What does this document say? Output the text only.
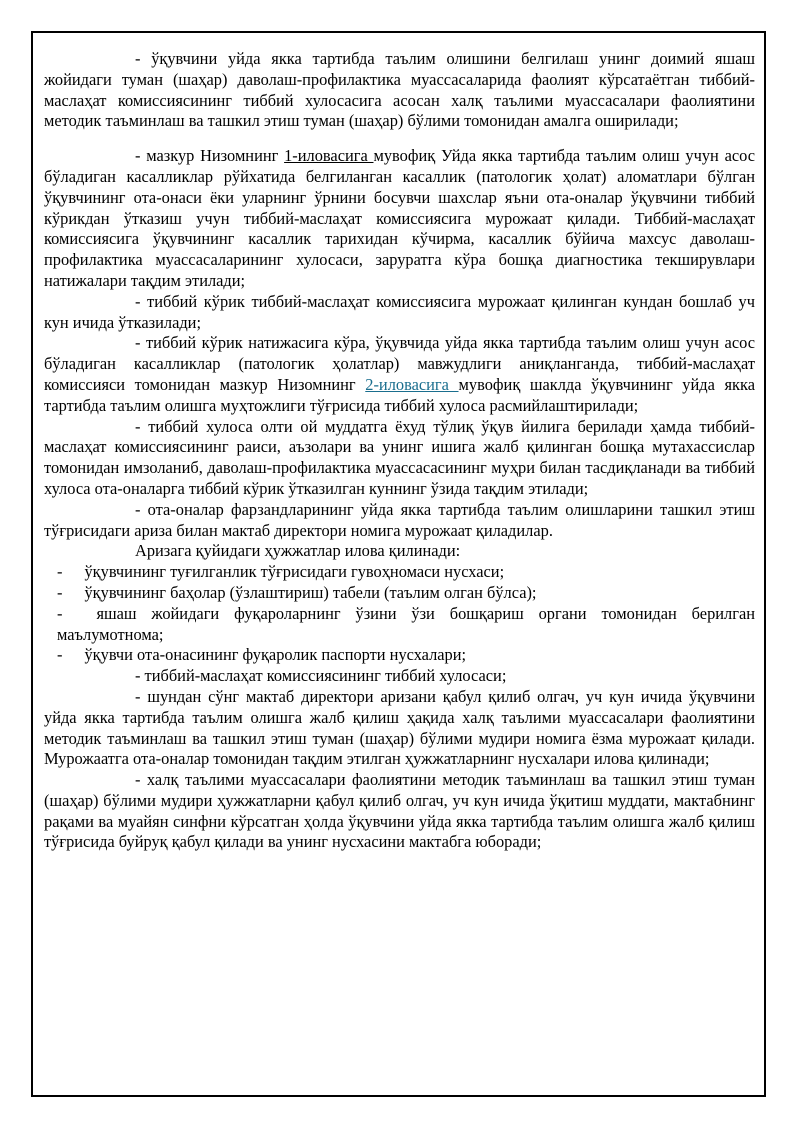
- ўқувчини уйда якка тартибда таълим олишини белгилаш унинг доимий яшаш жойидаги туман (шаҳар) даволаш-профилактика муассасаларида фаолият кўрсатаётган тиббий-маслаҳат комиссиясининг тиббий хулосасига асосан халқ таълими муассасалари фаолиятини методик таъминлаш ва ташкил этиш туман (шаҳар) бўлими томонидан амалга оширилади;

- мазкур Низомнинг 1-иловасига мувофиқ Уйда якка тартибда таълим олиш учун асос бўладиган касалликлар рўйхатида белгиланган касаллик (патологик ҳолат) аломатлари бўлган ўқувчининг ота-онаси ёки уларнинг ўрнини босувчи шахслар яъни ота-оналар ўқувчини тиббий кўрикдан ўтказиш учун тиббий-маслаҳат комиссиясига мурожаат қилади. Тиббий-маслаҳат комиссиясига ўқувчининг касаллик тарихидан кўчирма, касаллик бўйича махсус даволаш-профилактика муассасаларининг хулосаси, заруратга кўра бошқа диагностика текширувлари натижалари тақдим этилади;

- тиббий кўрик тиббий-маслаҳат комиссиясига мурожаат қилинган кундан бошлаб уч кун ичида ўтказилади;

- тиббий кўрик натижасига кўра, ўқувчида уйда якка тартибда таълим олиш учун асос бўладиган касалликлар (патологик ҳолатлар) мавжудлиги аниқланганда, тиббий-маслаҳат комиссияси томонидан мазкур Низомнинг 2-иловасига мувофиқ шаклда ўқувчининг уйда якка тартибда таълим олишга муҳтожлиги тўғрисида тиббий хулоса расмийлаштирилади;

- тиббий хулоса олти ой муддатга ёхуд тўлиқ ўқув йилига берилади ҳамда тиббий-маслаҳат комиссиясининг раиси, аъзолари ва унинг ишига жалб қилинган бошқа мутахассислар томонидан имзоланиб, даволаш-профилактика муассасасининг муҳри билан тасдиқланади ва тиббий хулоса ота-оналарга тиббий кўрик ўтказилган куннинг ўзида тақдим этилади;

- ота-оналар фарзандларининг уйда якка тартибда таълим олишларини ташкил этиш тўғрисидаги ариза билан мактаб директори номига мурожаат қиладилар.

Аризага қуйидаги ҳужжатлар илова қилинади:

- ўқувчининг туғилганлик тўғрисидаги гувоҳномаси нусхаси;

- ўқувчининг баҳолар (ўзлаштириш) табели (таълим олган бўлса);

- яшаш жойидаги фуқароларнинг ўзини ўзи бошқариш органи томонидан берилган маълумотнома;

- ўқувчи ота-онасининг фуқаролик паспорти нусхалари;

- тиббий-маслаҳат комиссиясининг тиббий хулосаси;

- шундан сўнг мактаб директори аризани қабул қилиб олгач, уч кун ичида ўқувчини уйда якка тартибда таълим олишга жалб қилиш ҳақида халқ таълими муассасалари фаолиятини методик таъминлаш ва ташкил этиш туман (шаҳар) бўлими мудири номига ёзма мурожаат қилади. Мурожаатга ота-оналар томонидан тақдим этилган ҳужжатларнинг нусхалари илова қилинади;

- халқ таълими муассасалари фаолиятини методик таъминлаш ва ташкил этиш туман (шаҳар) бўлими мудири ҳужжатларни қабул қилиб олгач, уч кун ичида ўқитиш муддати, мактабнинг рақами ва муайян синфни кўрсатган ҳолда ўқувчини уйда якка тартибда таълим олишга жалб қилиш тўғрисида буйруқ қабул қилади ва унинг нусхасини мактабга юборади;
